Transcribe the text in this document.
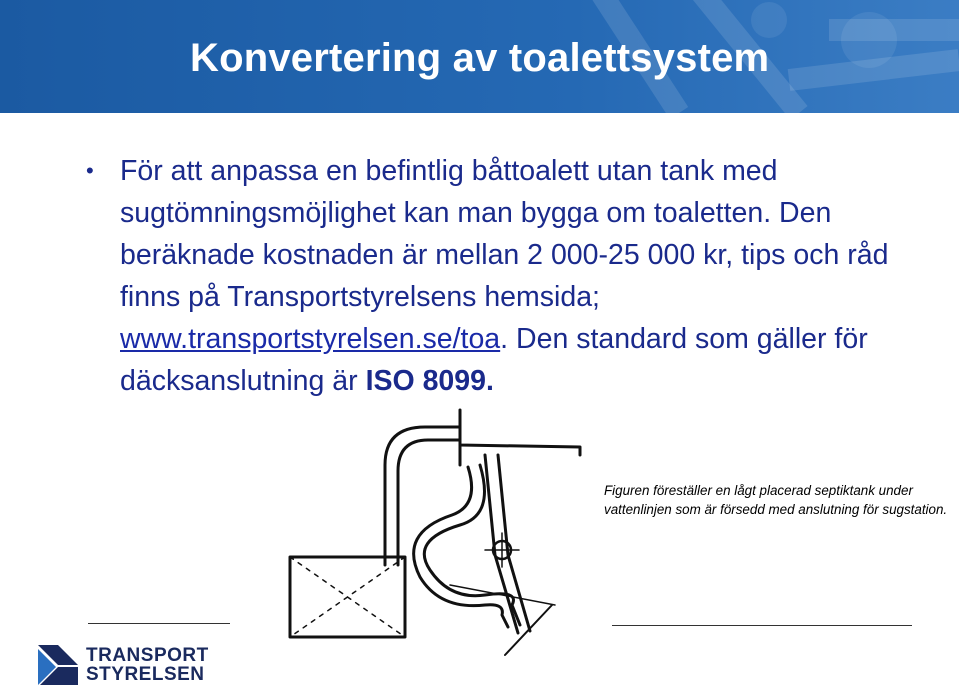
Konvertering av toalettsystem
• För att anpassa en befintlig båttoalett utan tank med sugtömningsmöjlighet kan man bygga om toaletten. Den beräknade kostnaden är mellan 2 000-25 000 kr, tips och råd finns på Transportstyrelsens hemsida; www.transportstyrelsen.se/toa. Den standard som gäller för däcksanslutning är ISO 8099.
Figuren föreställer en lågt placerad septiktank under vattenlinjen som är försedd med anslutning för sugstation.
TRANSPORT
STYRELSEN
